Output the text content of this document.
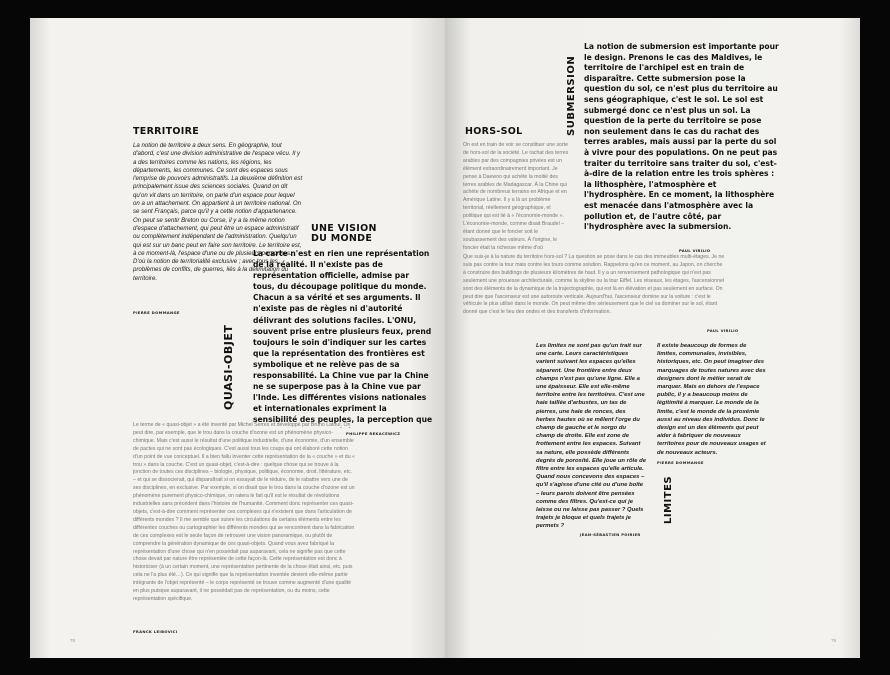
TERRITOIRE
La notion de territoire a deux sens. En géographie, tout d'abord, c'est une division administrative de l'espace vécu. Il y a des territoires comme les nations, les régions, les départements, les communes. Ce sont des espaces sous l'emprise de pouvoirs administratifs. La deuxième définition est principalement issue des sciences sociales. Quand on dit qu'on vit dans un territoire, on parle d'un espace pour lequel on a un attachement. On appartient à un territoire national. On se sent Français, parce qu'il y a cette notion d'appartenance. On peut se sentir Breton ou Corse, il y a la même notion d'espace d'attachement, qui peut être un espace administratif ou complètement indépendant de l'administration. Quelqu'un qui est sur un banc peut en faire son territoire. Le territoire est, à ce moment-là, l'espace d'une ou de plusieurs personnes. D'où la notion de territorialité exclusive ; avec tous les problèmes de conflits, de guerres, liés à la délimitation du territoire.
PIERRE DOMMANGE
UNE VISION
DU MONDE
La carte n'est en rien une représentation de la réalité. Il n'existe pas de représentation officielle, admise par tous, du découpage politique du monde. Chacun a sa vérité et ses arguments. Il n'existe pas de règles ni d'autorité délivrant des solutions faciles. L'ONU, souvent prise entre plusieurs feux, prend toujours le soin d'indiquer sur les cartes que la représentation des frontières est symbolique et ne relève pas de sa responsabilité. La Chine vue par la Chine ne se superpose pas à la Chine vue par l'Inde. Les différentes visions nationales et internationales expriment la sensibilité des peuples, la perception que
PHILIPPE REKACEWICZ
QUASI-OBJET
Le terme de « quasi-objet » a été inventé par Michel Serres et développé par Bruno Latour. On peut dire, par exemple, que le trou dans la couche d'ozone est un phénomène physico-chimique. Mais c'est aussi le résultat d'une politique industrielle, d'une économie, d'un ensemble de pactes qui ne sont pas écologiques. C'est aussi tous les coups qui ont élaboré cette notion d'un point de vue conceptuel. Il a bien fallu inventer cette représentation de la « couche » et du « trou » dans la couche. C'est un quasi-objet, c'est-à-dire : quelque chose qui se trouve à la jonction de toutes ces disciplines – biologie, physique, politique, économie, droit, littérature, etc. – et qui se dissocierait, qui disparaîtrait si on essayait de le réduire, de le rabattre vers une de ses disciplines, en exclusive. Par exemple, si on disait que le trou dans la couche d'ozone est un phénomène purement physico-chimique, on ratera le fait qu'il est le résultat de révolutions industrielles sans précédent dans l'histoire de l'humanité. Comment donc représenter ces quasi-objets, c'est-à-dire comment représenter ces complexes qui n'existent que dans l'articulation de différents mondes ? Il me semble que suivre les circulations de certains éléments entre les différentes couches ou cartographier les différents mondes qui se rencontrent dans la fabrication de ces complexes est le seule façon de retrouver une vision panoramique, ou plutôt de comprendre la génération dynamique de ces quasi-objets. Quand vous avez fabriqué la représentation d'une chose qui n'en possédait pas auparavant, cela ne signifie pas que cette chose devait par nature être représentée de cette façon-là. Cette représentation est donc à historiciser (à un certain moment, une représentation pertinente de la chose était ainsi, etc. puis cela ne l'a plus été…). Ce qui signifie que la représentation inventée devient elle-même partie intégrante de l'objet représenté – le corps représenté se trouve comme augmenté d'une qualité en plus puisque auparavant, il ne possédait pas de représentation, ou du moins, cette représentation spécifique.
FRANCK LEIBOVICI
78
HORS-SOL
On est en train de voir se constituer une sorte de hors-sol de la société. Le rachat des terres arables par des compagnies privées est un élément extraordinairement important. Je pense à Daewoo qui achète la moitié des terres arables de Madagascar. À la Chine qui achète de nombreux terrains en Afrique et en Amérique Latine. Il y a là un problème territorial, réellement géographique, et politique qui est lié à « l'économie-monde ». L'économie-monde, comme disait Braudel – étant donné que le foncier soit le soubassement des valeurs. À l'origine, le foncier était la richesse même d'où
Que suis-je à la nature du territoire hors-sol ? La question se pose dans le cas des immeubles multi-étages. Je ne suis pas contre la tour mais contre les tours comme solution. Rappelons qu'en ce moment, au Japon, on cherche à construire des buildings de plusieurs kilomètres de haut. Il y a un renversement pathologique qui n'est pas seulement une prouesse architecturale, comme la skyline ou la tour Eiffel. Les réseaux, les étages, l'ascensionnel sont des éléments de la dynamique de la trajectographie, qui est là en élévation et pas seulement en surface. On peut dire que l'ascenseur est une autoroute verticale. Aujourd'hui, l'ascenseur domine sur la voiture : c'est le véhicule le plus utilisé dans le monde. On peut même dire sérieusement que le ciel va dominer sur le sol, étant donné que c'est le lieu des ondes et des transferts d'information.
PAUL VIRILIO
SUBMERSION
La notion de submersion est importante pour le design. Prenons le cas des Maldives, le territoire de l'archipel est en train de disparaître. Cette submersion pose la question du sol, ce n'est plus du territoire au sens géographique, c'est le sol. Le sol est submergé donc ce n'est plus un sol. La question de la perte du territoire se pose non seulement dans le cas du rachat des terres arables, mais aussi par la perte du sol à vivre pour des populations. On ne peut pas traiter du territoire sans traiter du sol, c'est-à-dire de la relation entre les trois sphères : la lithosphère, l'atmosphère et l'hydrosphère. En ce moment, la lithosphère est menacée dans l'atmosphère avec la pollution et, de l'autre côté, par l'hydrosphère avec la submersion.
PAUL VIRILIO
Les limites ne sont pas qu'un trait sur une carte. Leurs caractéristiques varient suivant les espaces qu'elles séparent. Une frontière entre deux champs n'est pas qu'une ligne. Elle a une épaisseur. Elle est elle-même territoire entre les territoires. C'est une haie taillée d'arbustes, un tas de pierres, une haie de ronces, des herbes hautes où se mêlent l'orge du champ de gauche et le sorgo du champ de droite. Elle est zone de frottement entre les espaces. Suivant sa nature, elle possède différents degrés de porosité. Elle joue un rôle de filtre entre les espaces qu'elle articule. Quand nous concevons des espaces – qu'il s'agisse d'une cité ou d'une boîte – leurs parois doivent être pensées comme des filtres. Qu'est-ce qui je laisse ou ne laisse pas passer ? Quels trajets je bloque et quels trajets je permets ?
JEAN-SÉBASTIEN POIRIER
Il existe beaucoup de formes de limites, communales, invisibles, historiques, etc. On peut imaginer des marquages de toutes natures avec des designers dont le métier serait de marquer. Mais en dehors de l'espace public, il y a beaucoup moins de légitimité à marquer. Le monde de la limite, c'est le monde de la proxémie aussi au niveau des individus. Donc le design est un des éléments qui peut aider à fabriquer de nouveaux territoires pour de nouveaux usages et de nouveaux acteurs.
PIERRE DOMMANGE
LIMITES
79
